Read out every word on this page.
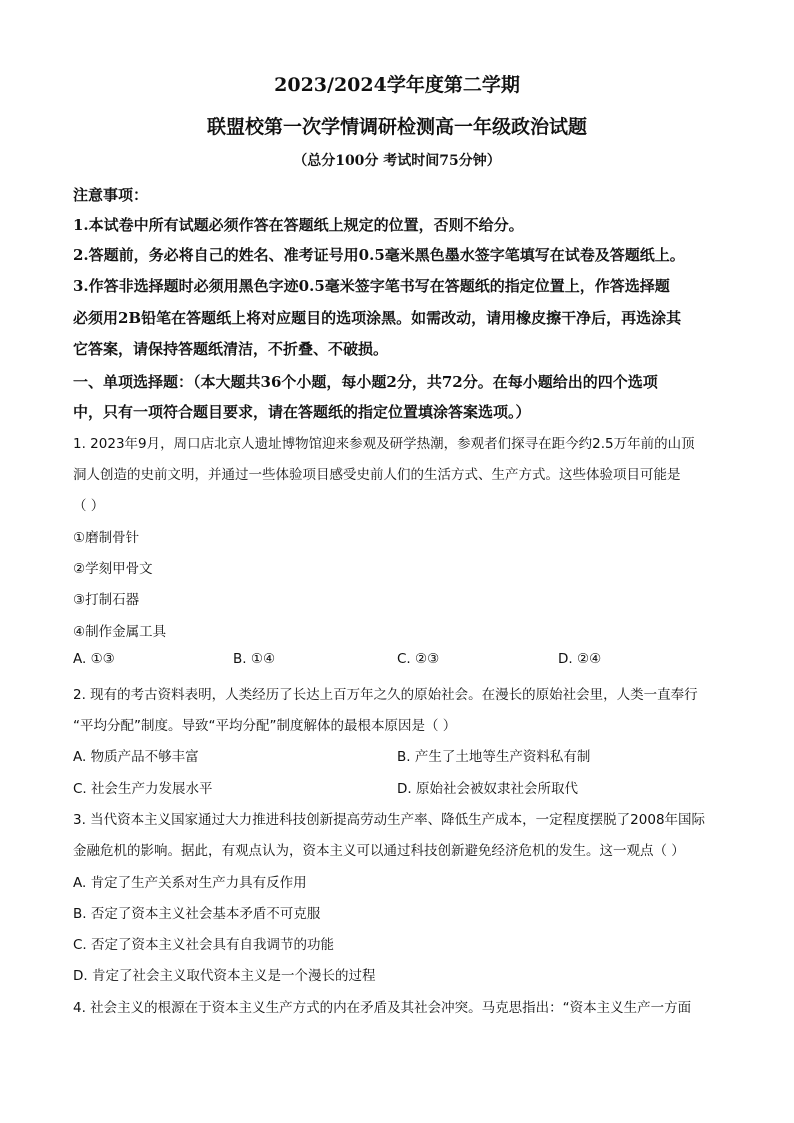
2023/2024学年度第二学期
联盟校第一次学情调研检测高一年级政治试题
（总分100分 考试时间75分钟）
注意事项：
1.本试卷中所有试题必须作答在答题纸上规定的位置，否则不给分。
2.答题前，务必将自己的姓名、准考证号用0.5毫米黑色墨水签字笔填写在试卷及答题纸上。
3.作答非选择题时必须用黑色字迹0.5毫米签字笔书写在答题纸的指定位置上，作答选择题
必须用2B铅笔在答题纸上将对应题目的选项涂黑。如需改动，请用橡皮擦干净后，再选涂其
它答案，请保持答题纸清洁，不折叠、不破损。
一、单项选择题：（本大题共36个小题，每小题2分，共72分。在每小题给出的四个选项
中，只有一项符合题目要求，请在答题纸的指定位置填涂答案选项。）
1. 2023年9月，周口店北京人遗址博物馆迎来参观及研学热潮，参观者们探寻在距今约2.5万年前的山顶
洞人创造的史前文明，并通过一些体验项目感受史前人们的生活方式、生产方式。这些体验项目可能是
（ ）
①磨制骨针
②学刻甲骨文
③打制石器
④制作金属工具
A. ①③	B. ①④	C. ②③	D. ②④
2. 现有的考古资料表明，人类经历了长达上百万年之久的原始社会。在漫长的原始社会里，人类一直奉行
“平均分配”制度。导致“平均分配”制度解体的最根本原因是（ ）
A. 物质产品不够丰富	B. 产生了土地等生产资料私有制
C. 社会生产力发展水平	D. 原始社会被奴隶社会所取代
3. 当代资本主义国家通过大力推进科技创新提高劳动生产率、降低生产成本，一定程度摆脱了2008年国际
金融危机的影响。据此，有观点认为，资本主义可以通过科技创新避免经济危机的发生。这一观点（ ）
A. 肯定了生产关系对生产力具有反作用
B. 否定了资本主义社会基本矛盾不可克服
C. 否定了资本主义社会具有自我调节的功能
D. 肯定了社会主义取代资本主义是一个漫长的过程
4. 社会主义的根源在于资本主义生产方式的内在矛盾及其社会冲突。马克思指出：“资本主义生产一方面
